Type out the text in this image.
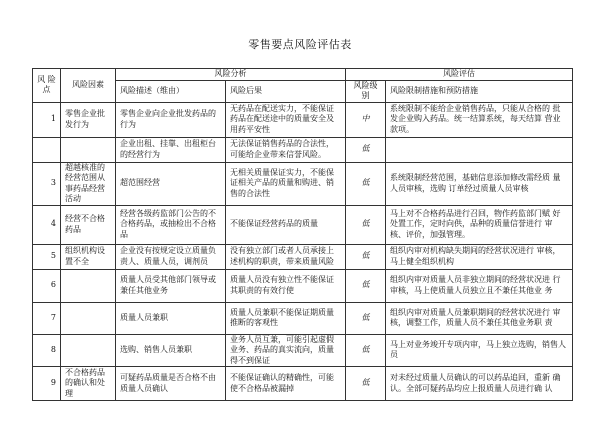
零售要点风险评估表
风 险 点	风险因素	风险分析		风险评估	
		风险描述（维由）	风险后果	风险级别	风险限制措施和预防措施
1	零售企业批 发行为	零售企业向企业批发药品的行为	无药品在配送实力，不能保证 药品在配送途中的质量安全及 用药平安性	中	系统限制不能给企业销售药品，只能从合格的 批发企业购入药品。统一结算系统，每天结算 营业款项。
		企业出租、挂靠、出租柜台的经营行为	无法保证销售药品的合法性，可能给企业带来信誉风险。	低	
3	超越核准的经营范围从 事药品经营 活动	超范围经营	无相关质量保证实力，不能保证相关产品的质量和购进、销售的合法性	低	系统限制经营范围，基础信息添加修改需经质 量人员审核，选购 订单经过质量人员审核
4	经营不合格 药品	经营各级药监部门公告的不合格药品，或抽检出不合格品	不能保证经营药品的质量	低	马上对不合格药品进行召回，物作药监部门赋 好处置工作，定时向供，品种的质量信誉进行 审核、评价，加强管理。
5	组织机构设 置不全	企业没有按规定设立质量负责人、质量人员，调剂员	没有独立部门或者人员承接上 述机构的职责，带来质量风险	低	组织内审对机构缺失期间的经营状况进行 审核，马上健全组织机构
6		质量人员受其他部门领导或兼任其他业务	质量人员没有独立性不能保证 其职责的有效行使	低	组织内审对质量人员非独立期间的经营状况进 行审核，马上使质量人员独立且不兼任其他业 务
7		质量人员兼职	质量人员兼职不能保证期质量 推断的客观性	低	组织内审对质量人员兼职期间的经营状况进行 审核，调整工作，质量人员不兼任其他业务职 责
8		选购、销售人员兼职	业务人员互兼，可能引起虚假 业务、药品的真实流向，质量 得不到保证	低	马上对业务竣开专项内审，马上独立选购，销售人员
9	不合格药品的确认和处 理	可疑药品质量是否合格不由质量人员确认	不能保证确认的精确性，可能 使不合格品被漏掉	低	对未经过质量人员确认的可以药品追回，重新 确认。全部可疑药品均应上报质量人员进行确 认
